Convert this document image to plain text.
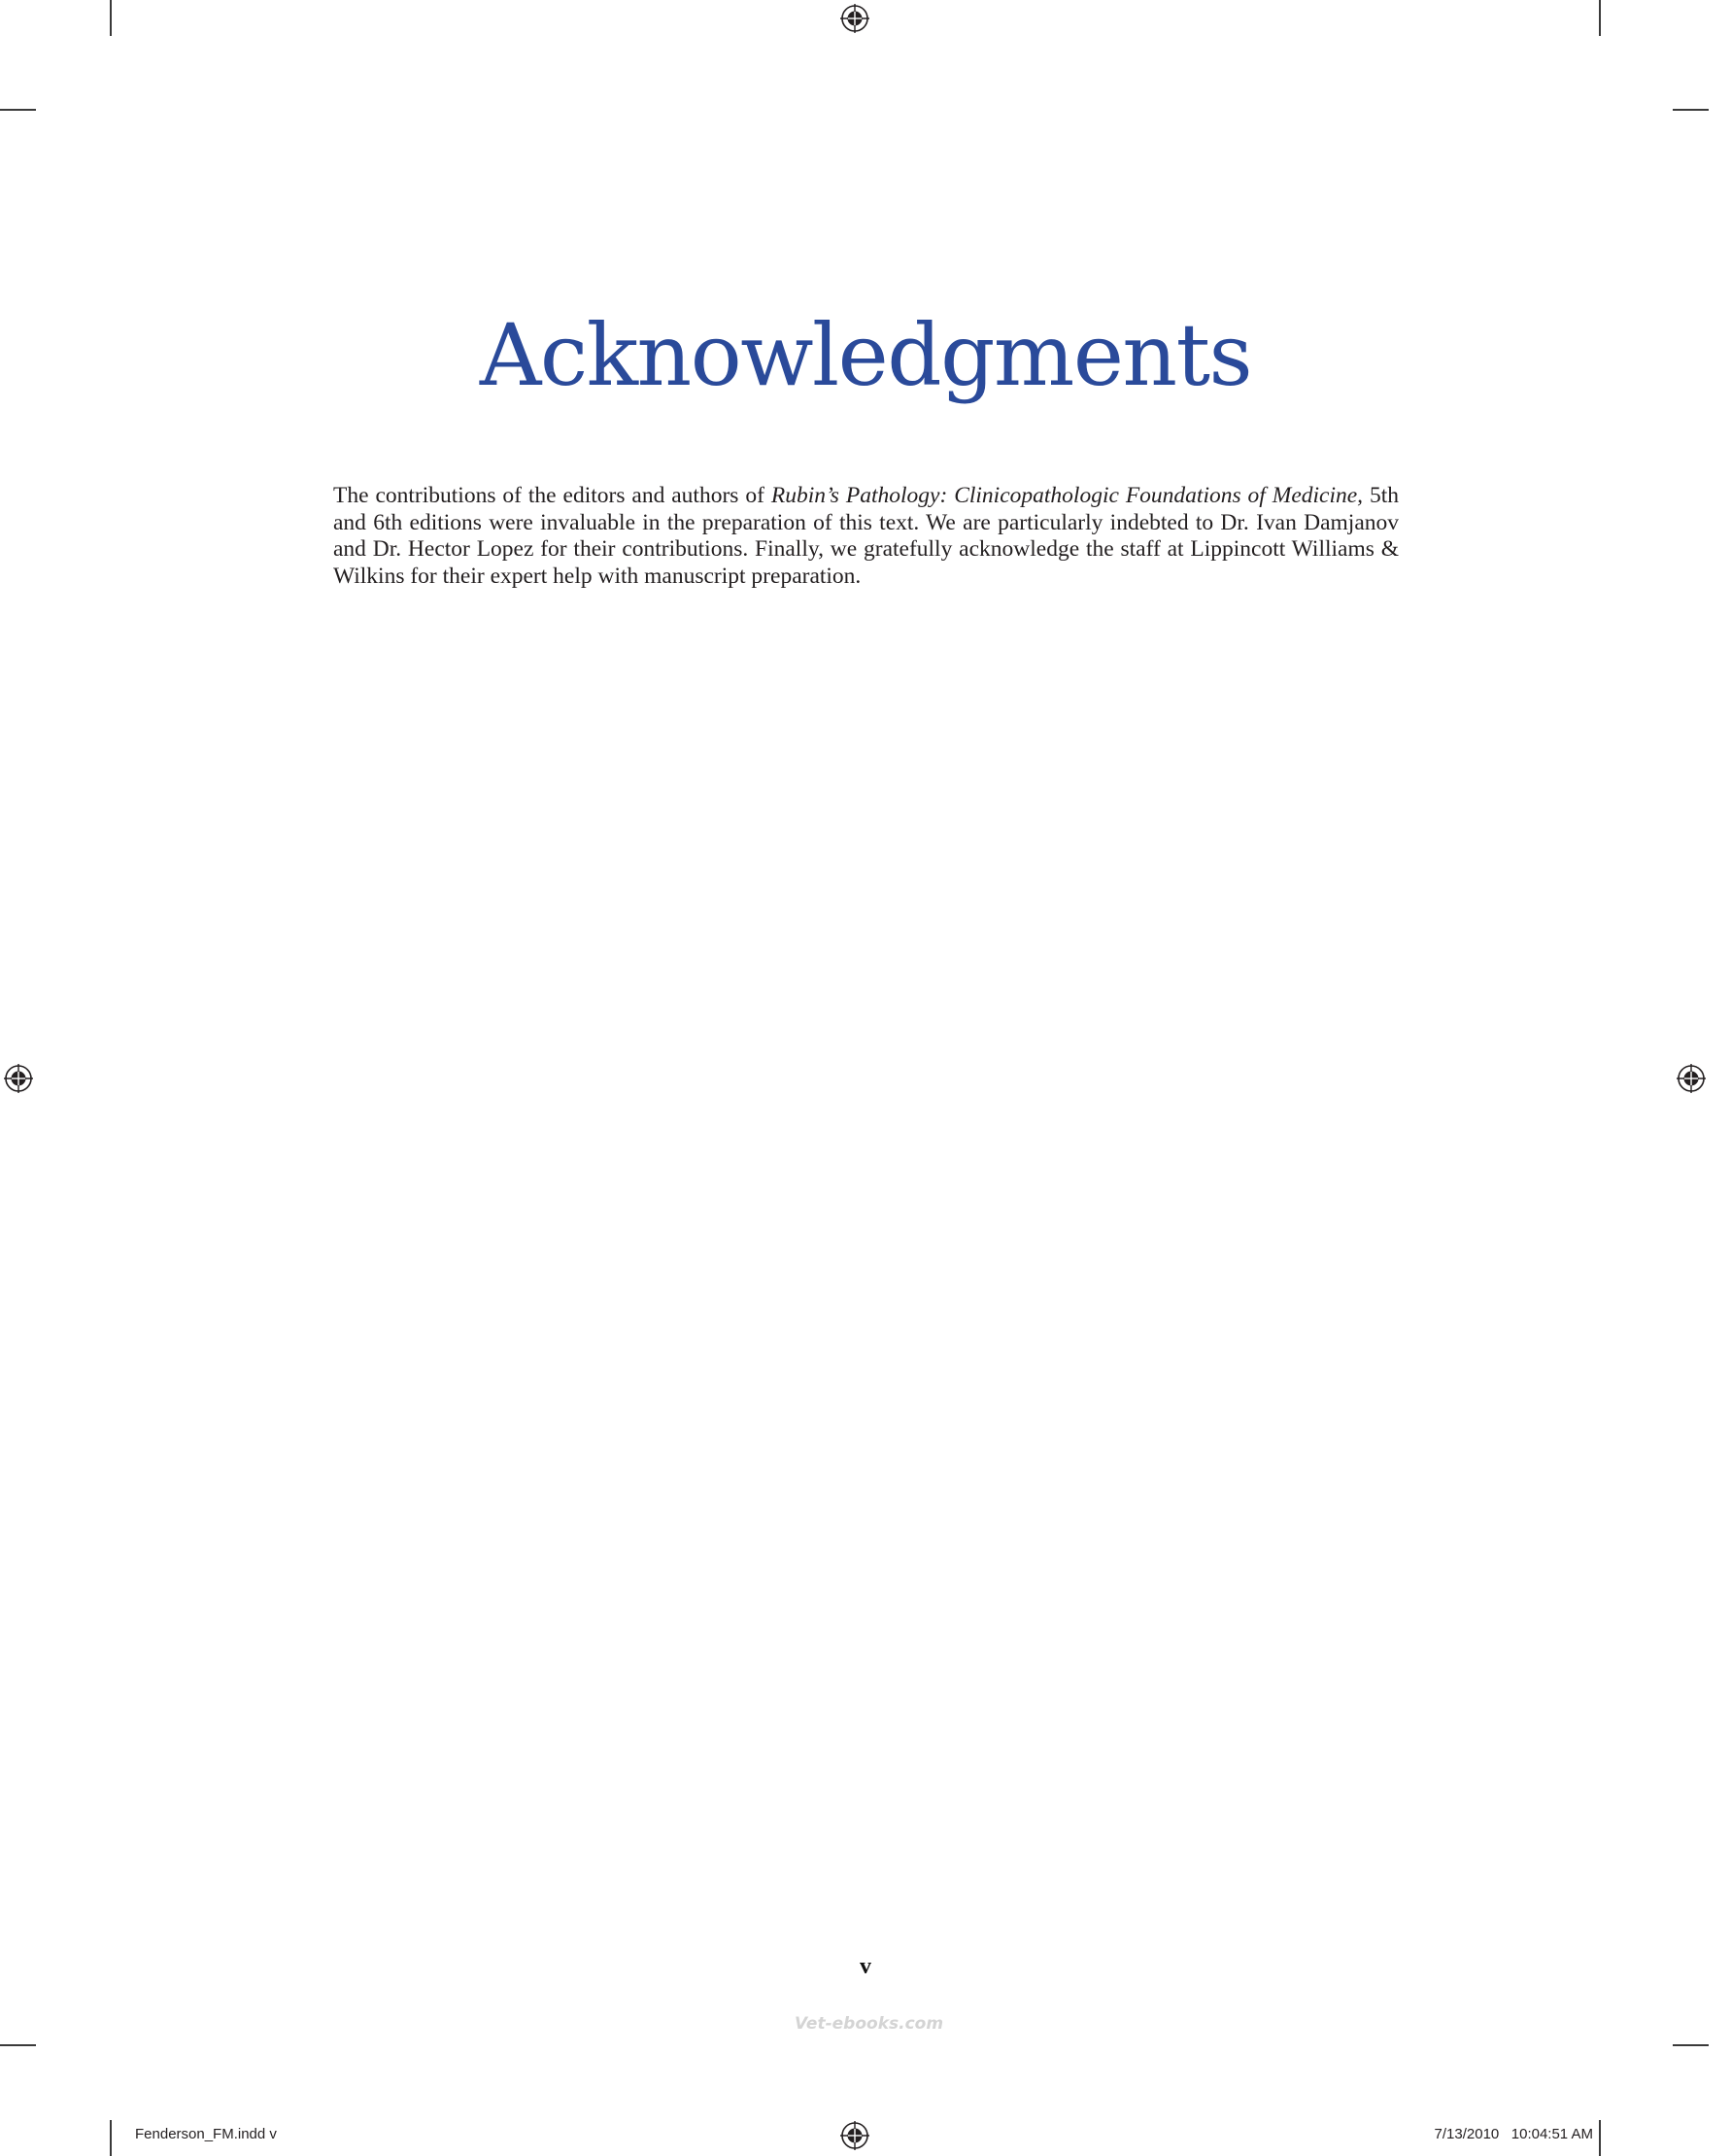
Acknowledgments

The contributions of the editors and authors of Rubin’s Pathology: Clinicopathologic Foundations of Medicine, 5th and 6th editions were invaluable in the preparation of this text. We are particularly indebted to Dr. Ivan Damjanov and Dr. Hector Lopez for their contributions. Finally, we gratefully acknowledge the staff at Lippincott Williams & Wilkins for their expert help with manuscript preparation.

v
Vet-ebooks.com
Fenderson_FM.indd v	7/13/2010   10:04:51 AM
